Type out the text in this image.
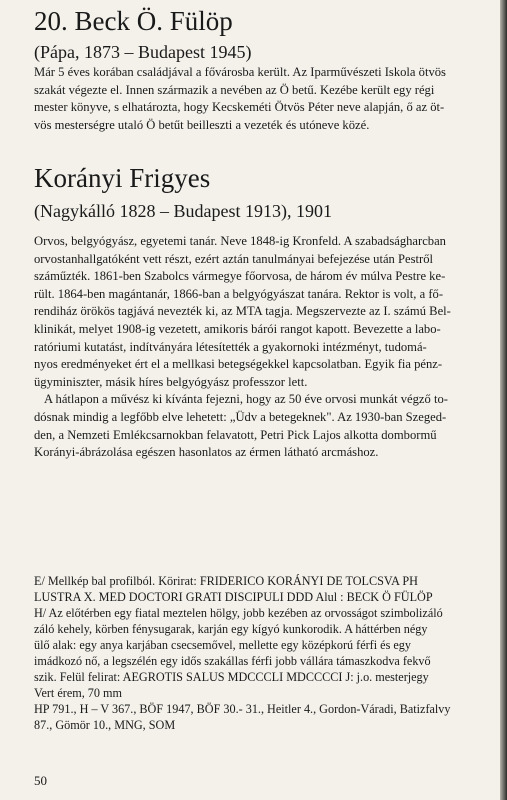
20. Beck Ö. Fülöp
(Pápa, 1873 – Budapest 1945)
Már 5 éves korában családjával a fővárosba került. Az Iparművészeti Iskola ötvös
szakát végezte el. Innen származik a nevében az Ö betű. Kezébe került egy régi
mester könyve, s elhatározta, hogy Kecskeméti Ötvös Péter neve alapján, ő az öt-
vös mesterségre utaló Ö betűt beilleszti a vezeték és utóneve közé.
Korányi Frigyes
(Nagykálló 1828 – Budapest 1913), 1901
Orvos, belgyógyász, egyetemi tanár. Neve 1848-ig Kronfeld. A szabadságharcban
orvostanhallgatóként vett részt, ezért aztán tanulmányai befejezése után Pestről
száműzték. 1861-ben Szabolcs vármegye főorvosa, de három év múlva Pestre ke-
rült. 1864-ben magántanár, 1866-ban a belgyógyászat tanára. Rektor is volt, a fő-
rendiház örökös tagjává nevezték ki, az MTA tagja. Megszervezte az I. számú Bel-
klinikát, melyet 1908-ig vezetett, amikoris bárói rangot kapott. Bevezette a labo-
ratóriumi kutatást, indítványára létesítették a gyakornoki intézményt, tudomá-
nyos eredményeket ért el a mellkasi betegségekkel kapcsolatban. Egyik fia pénz-
ügyminiszter, másik híres belgyógyász professzor lett.
A hátlapon a művész ki kívánta fejezni, hogy az 50 éve orvosi munkát végző to-
dósnak mindig a legfőbb elve lehetett: „Üdv a betegeknek". Az 1930-ban Szeged-
den, a Nemzeti Emlékcsarnokban felavatott, Petri Pick Lajos alkotta dombormű
Korányi-ábrázolása egészen hasonlatos az érmen látható arcmáshoz.
E/ Mellkép bal profilból. Körirat: FRIDERICO KORÁNYI DE TOLCSVA PH
LUSTRA X. MED DOCTORI GRATI DISCIPULI DDD Alul : BECK Ö FÜLÖP
H/ Az előtérben egy fiatal meztelen hölgy, jobb kezében az orvosságot szimbolizáló
záló kehely, körben fénysugarak, karján egy kígyó kunkorodik. A háttérben négy
ülő alak: egy anya karjában csecsemővel, mellette egy középkorú férfi és egy
imádkozó nő, a legszélén egy idős szakállas férfi jobb vállára támaszkodva fekvő
szik. Felül felirat: AEGROTIS SALUS MDCCCLI MDCCCCI J: j.o. mesterjegy
Vert érem, 70 mm
HP 791., H – V 367., BÖF 1947, BÖF 30.- 31., Heitler 4., Gordon-Váradi, Batizfalvy
87., Gömör 10., MNG, SOM
50
